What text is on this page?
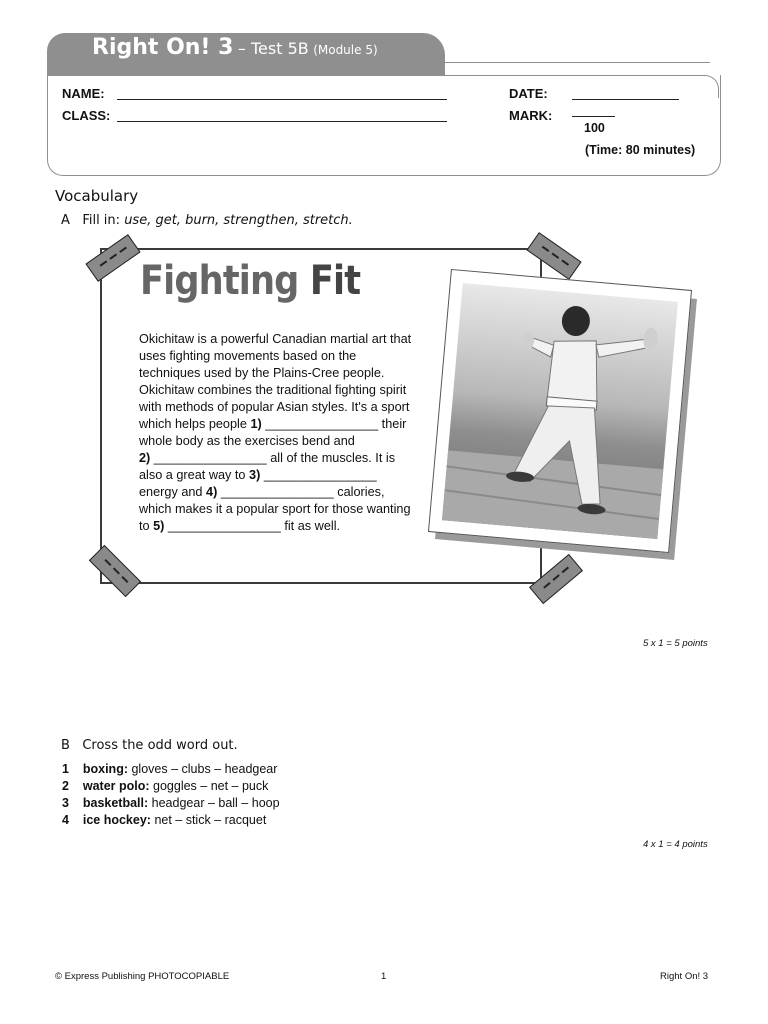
Right On! 3 – Test 5B (Module 5)
NAME:
CLASS:
DATE:
MARK:
100
(Time: 80 minutes)
Vocabulary
A Fill in: use, get, burn, strengthen, stretch.
Fighting Fit
Okichitaw is a powerful Canadian martial art that
uses fighting movements based on the
techniques used by the Plains-Cree people.
Okichitaw combines the traditional fighting spirit
with methods of popular Asian styles. It's a sport
which helps people 1) ________________ their
whole body as the exercises bend and
2) ________________ all of the muscles. It is
also a great way to 3) ________________
energy and 4) ________________ calories,
which makes it a popular sport for those wanting
to 5) ________________ fit as well.
5 x 1 = 5 points
B Cross the odd word out.
1 boxing: gloves – clubs – headgear
2 water polo: goggles – net – puck
3 basketball: headgear – ball – hoop
4 ice hockey: net – stick – racquet
4 x 1 = 4 points
© Express Publishing PHOTOCOPIABLE	1	Right On! 3
